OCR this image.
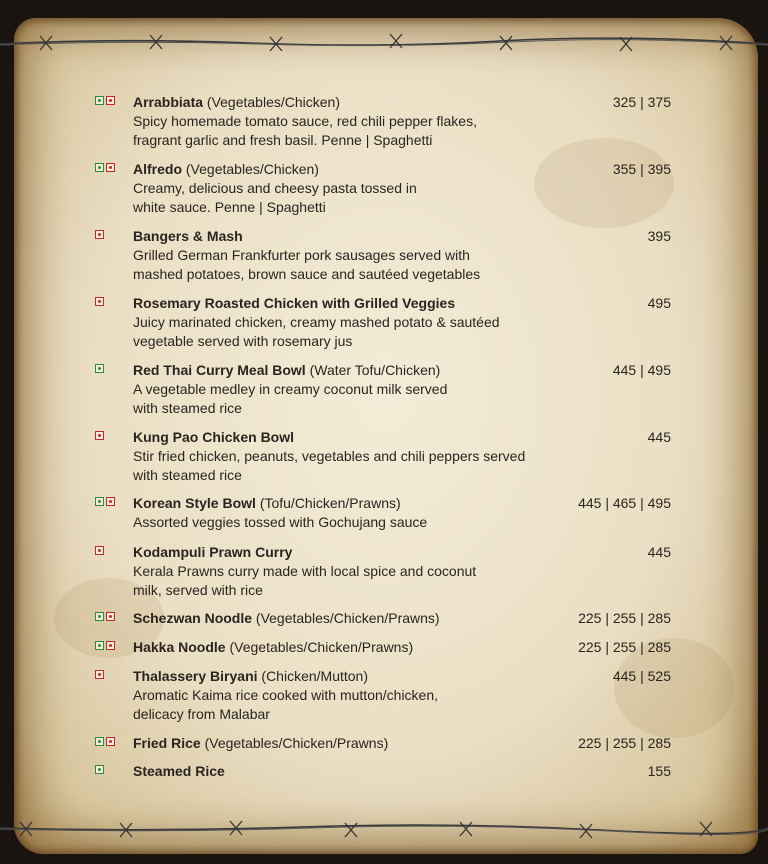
Arrabbiata (Vegetables/Chicken)
Spicy homemade tomato sauce, red chili pepper flakes,
fragrant garlic and fresh basil. Penne | Spaghetti
325 | 375
Alfredo (Vegetables/Chicken)
Creamy, delicious and cheesy pasta tossed in
white sauce. Penne | Spaghetti
355 | 395
Bangers & Mash
Grilled German Frankfurter pork sausages served with
mashed potatoes, brown sauce and sautéed vegetables
395
Rosemary Roasted Chicken with Grilled Veggies
Juicy marinated chicken, creamy mashed potato & sautéed
vegetable served with rosemary jus
495
Red Thai Curry Meal Bowl (Water Tofu/Chicken)
A vegetable medley in creamy coconut milk served
with steamed rice
445 | 495
Kung Pao Chicken Bowl
Stir fried chicken, peanuts, vegetables and chili peppers served
with steamed rice
445
Korean Style Bowl (Tofu/Chicken/Prawns)
Assorted veggies tossed with Gochujang sauce
445 | 465 | 495
Kodampuli Prawn Curry
Kerala Prawns curry made with local spice and coconut
milk, served with rice
445
Schezwan Noodle (Vegetables/Chicken/Prawns)	225 | 255 | 285
Hakka Noodle (Vegetables/Chicken/Prawns)	225 | 255 | 285
Thalassery Biryani (Chicken/Mutton)
Aromatic Kaima rice cooked with mutton/chicken,
delicacy from Malabar
445 | 525
Fried Rice (Vegetables/Chicken/Prawns)	225 | 255 | 285
Steamed Rice	155
